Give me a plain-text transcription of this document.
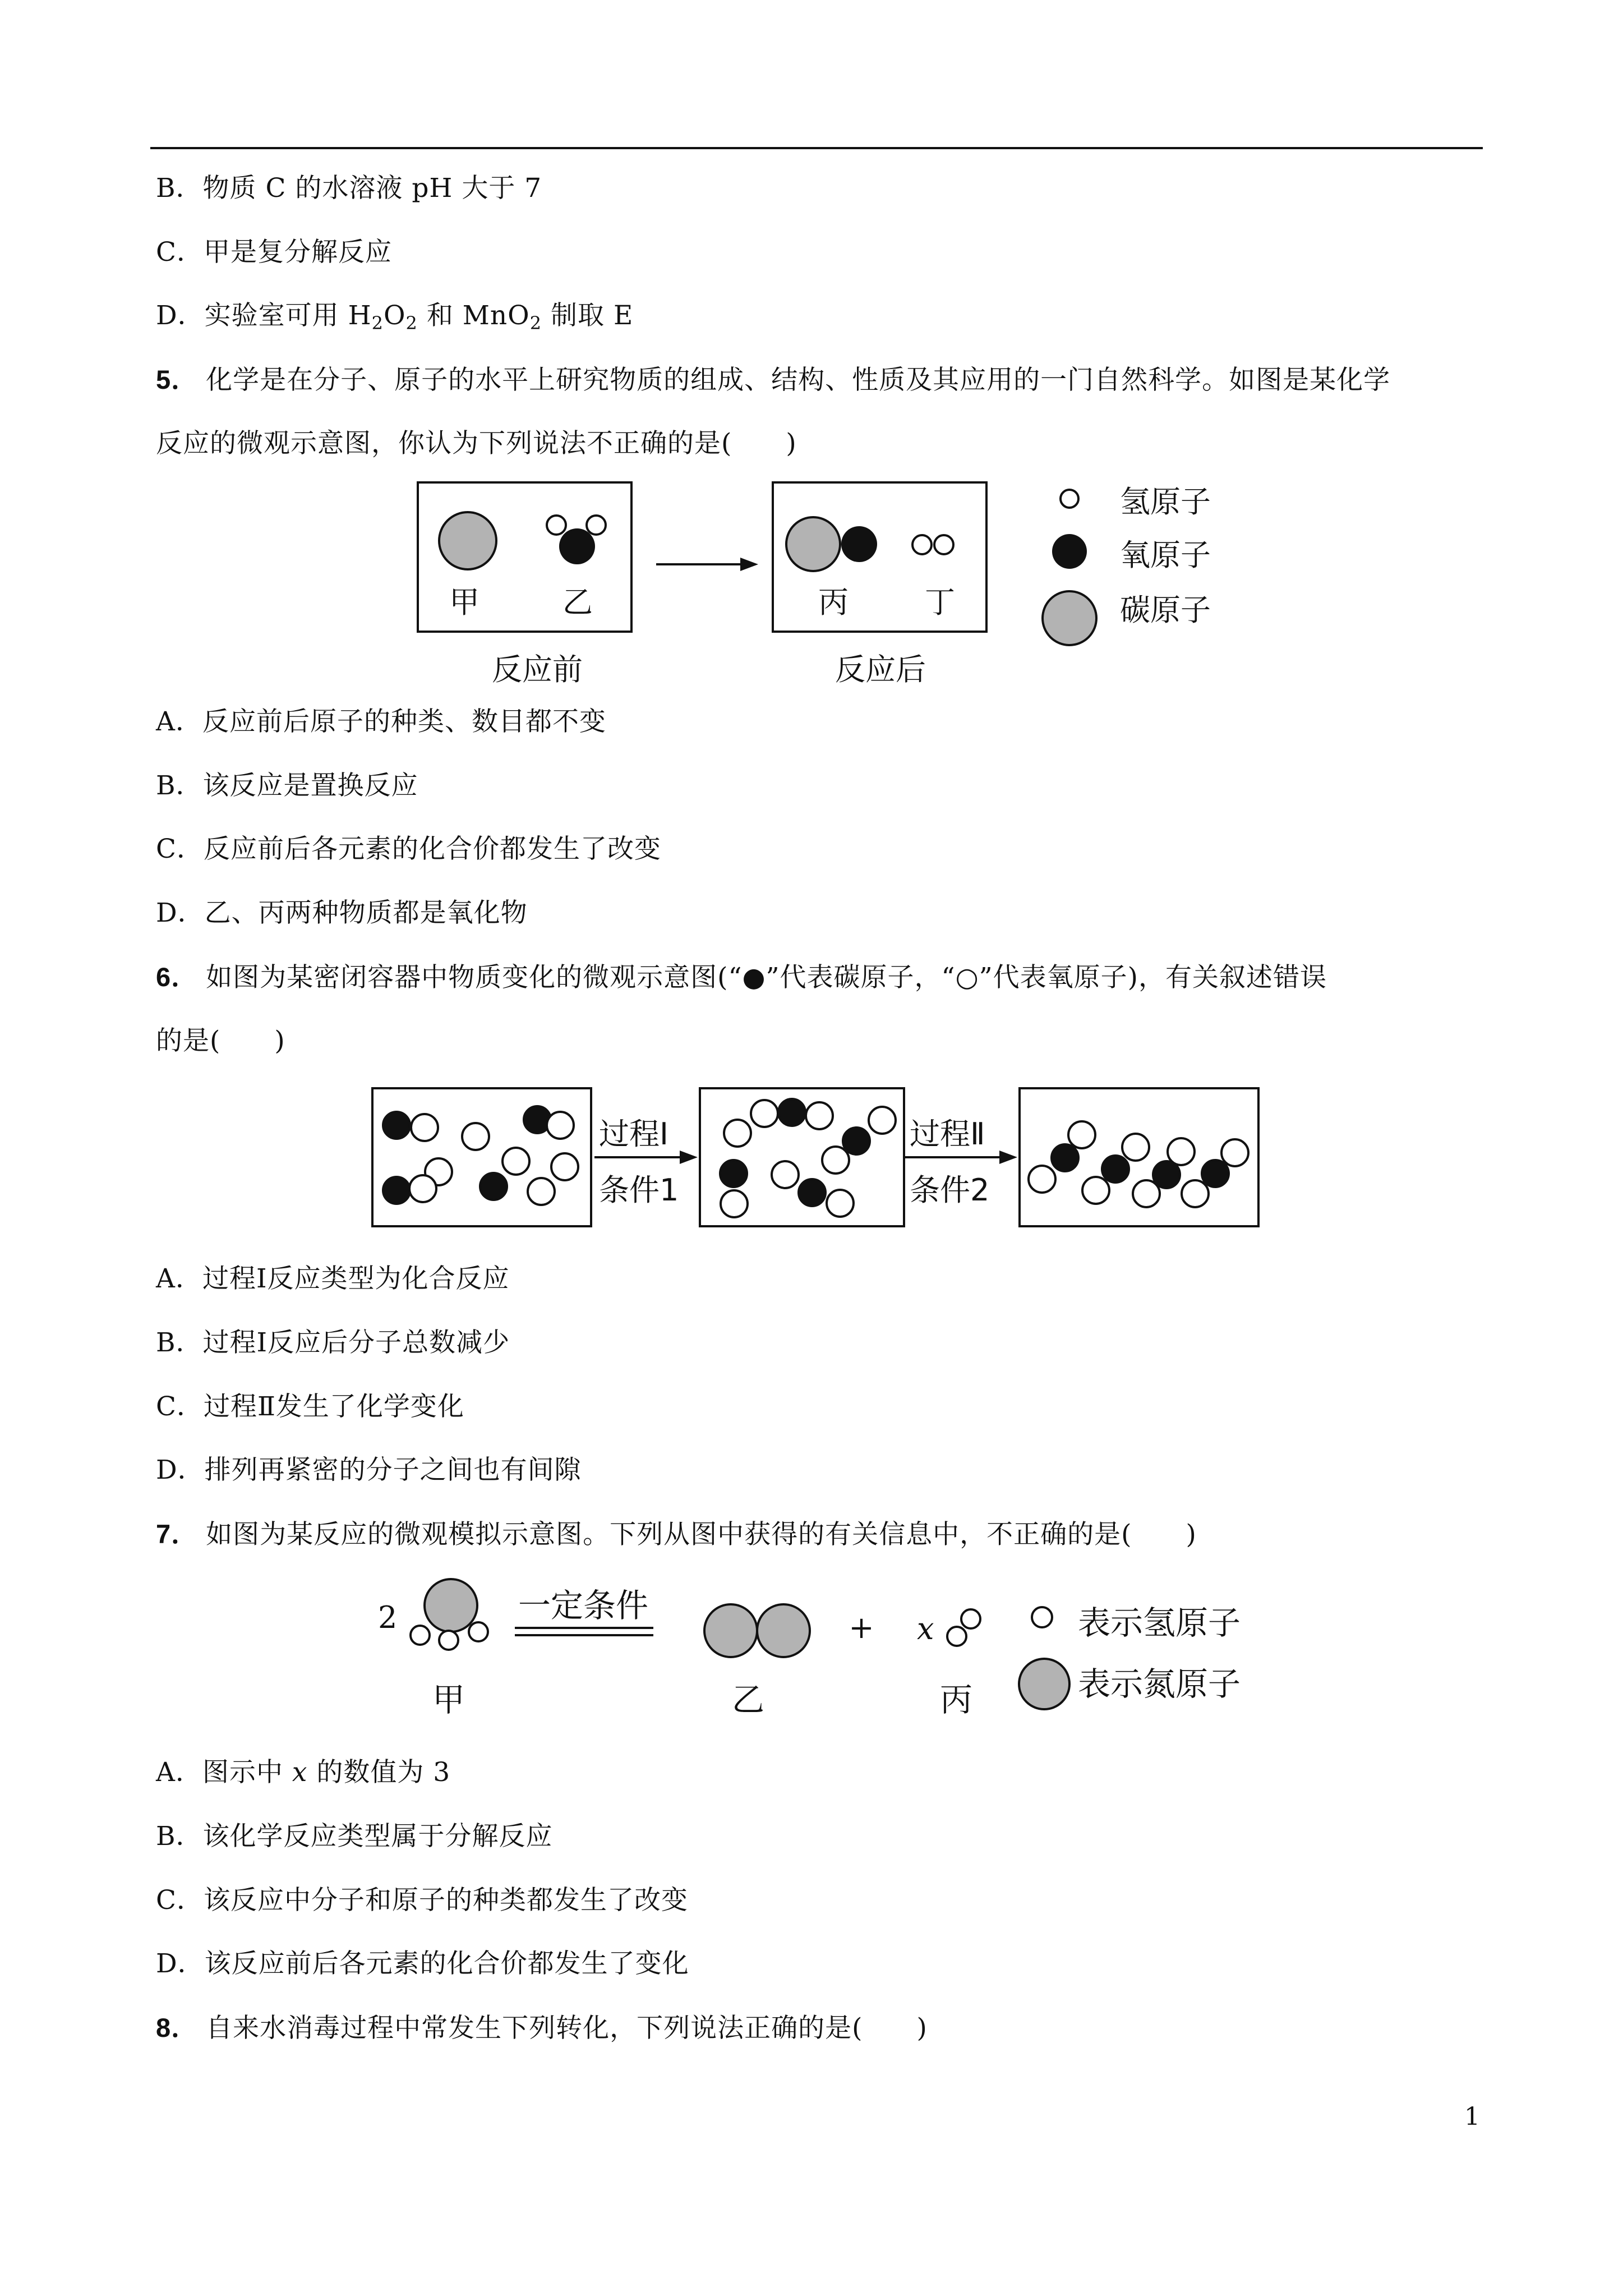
B．物质 C 的水溶液 pH 大于 7
C．甲是复分解反应
D．实验室可用 $H_2O_2$ 和 MnO$_2$ 制取 E
5． 化学是在分子、原子的水平上研究物质的组成、结构、性质及其应用的一门自然科学。如图是某化学
反应的微观示意图，你认为下列说法不正确的是(　　)
甲	乙	丙	丁
反应前	反应后
氢原子
氧原子
碳原子
A．反应前后原子的种类、数目都不变
B．该反应是置换反应
C．反应前后各元素的化合价都发生了改变
D．乙、丙两种物质都是氧化物
6． 如图为某密闭容器中物质变化的微观示意图(“●”代表碳原子，“○”代表氧原子)，有关叙述错误
的是(　　)
过程Ⅰ
条件1
过程Ⅱ
条件2
A．过程Ⅰ反应类型为化合反应
B．过程Ⅰ反应后分子总数减少
C．过程Ⅱ发生了化学变化
D．排列再紧密的分子之间也有间隙
7． 如图为某反应的微观模拟示意图。下列从图中获得的有关信息中，不正确的是(　　)
2	一定条件
+ x
甲	乙	丙
表示氢原子
表示氮原子
A．图示中 x 的数值为 3
B．该化学反应类型属于分解反应
C．该反应中分子和原子的种类都发生了改变
D．该反应前后各元素的化合价都发生了变化
8． 自来水消毒过程中常发生下列转化，下列说法正确的是(　　)
1
